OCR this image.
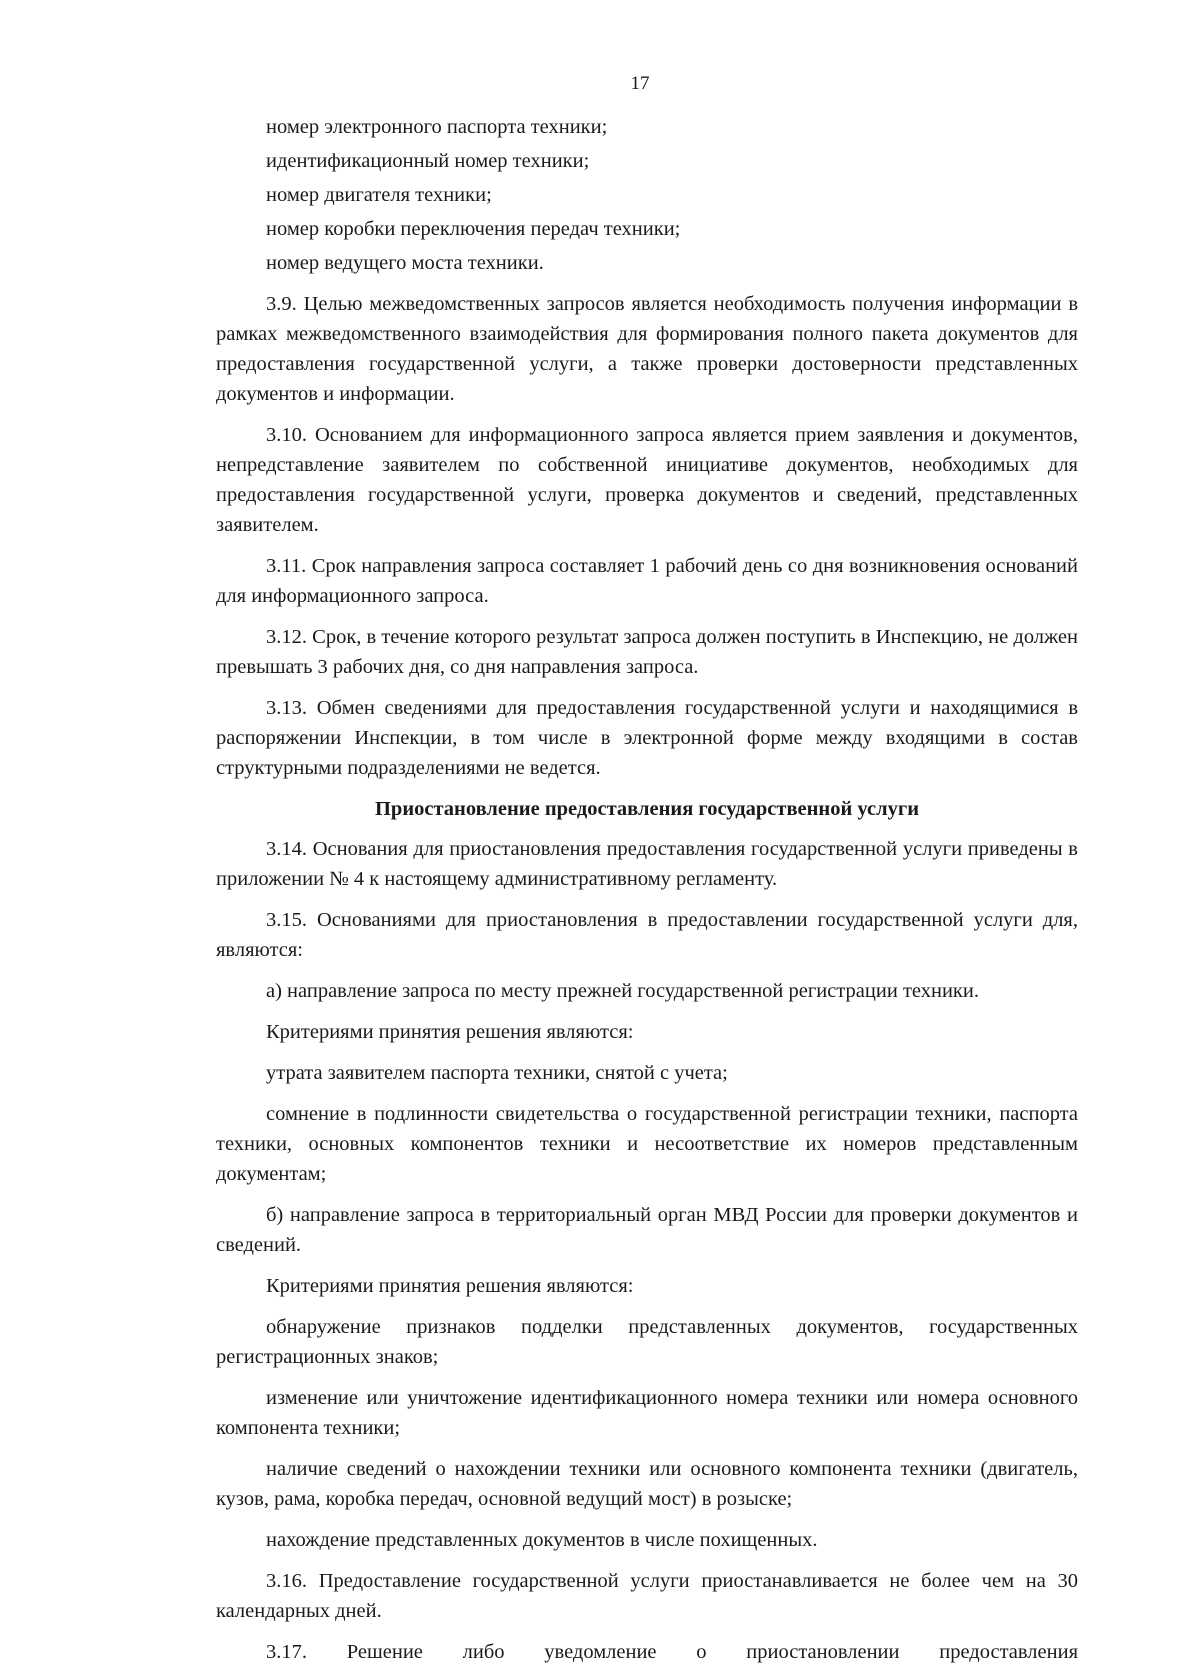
17

номер электронного паспорта техники;

идентификационный номер техники;

номер двигателя техники;

номер коробки переключения передач техники;

номер ведущего моста техники.

3.9. Целью межведомственных запросов является необходимость получения информации в рамках межведомственного взаимодействия для формирования полного пакета документов для предоставления государственной услуги, а также проверки достоверности представленных документов и информации.

3.10. Основанием для информационного запроса является прием заявления и документов, непредставление заявителем по собственной инициативе документов, необходимых для предоставления государственной услуги, проверка документов и сведений, представленных заявителем.

3.11. Срок направления запроса составляет 1 рабочий день со дня возникновения оснований для информационного запроса.

3.12. Срок, в течение которого результат запроса должен поступить в Инспекцию, не должен превышать 3 рабочих дня, со дня направления запроса.

3.13. Обмен сведениями для предоставления государственной услуги и находящимися в распоряжении Инспекции, в том числе в электронной форме между входящими в состав структурными подразделениями не ведется.

Приостановление предоставления государственной услуги

3.14. Основания для приостановления предоставления государственной услуги приведены в приложении № 4 к настоящему административному регламенту.

3.15. Основаниями для приостановления в предоставлении государственной услуги для, являются:

а) направление запроса по месту прежней государственной регистрации техники.

Критериями принятия решения являются:

утрата заявителем паспорта техники, снятой с учета;

сомнение в подлинности свидетельства о государственной регистрации техники, паспорта техники, основных компонентов техники и несоответствие их номеров представленным документам;

б) направление запроса в территориальный орган МВД России для проверки документов и сведений.

Критериями принятия решения являются:

обнаружение признаков подделки представленных документов, государственных регистрационных знаков;

изменение или уничтожение идентификационного номера техники или номера основного компонента техники;

наличие сведений о нахождении техники или основного компонента техники (двигатель, кузов, рама, коробка передач, основной ведущий мост) в розыске;

нахождение представленных документов в числе похищенных.

3.16. Предоставление государственной услуги приостанавливается не более чем на 30 календарных дней.

3.17. Решение либо уведомление о приостановлении предоставления
